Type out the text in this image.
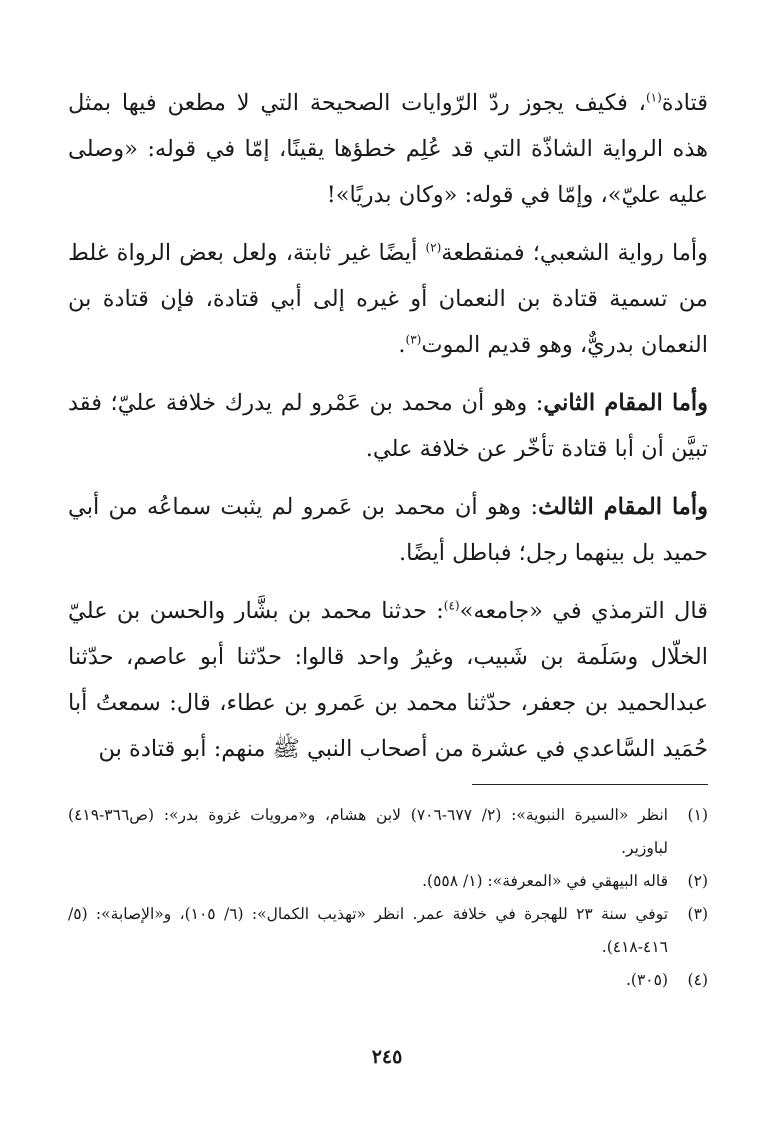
قتادة$^{(١)}$، فكيف يجوز ردّ الرّوايات الصحيحة التي لا مطعن فيها بمثل هذه الرواية الشاذّة التي قد عُلِم خطؤها يقينًا، إمّا في قوله: «وصلى عليه عليّ»، وإمّا في قوله: «وكان بدريًا»!

وأما رواية الشعبي؛ فمنقطعة$^{(٢)}$ أيضًا غير ثابتة، ولعل بعض الرواة غلط من تسمية قتادة بن النعمان أو غيره إلى أبي قتادة، فإن قتادة بن النعمان بدريٌّ، وهو قديم الموت$^{(٣)}$.

وأما المقام الثاني: وهو أن محمد بن عَمْرو لم يدرك خلافة عليّ؛ فقد تبيَّن أن أبا قتادة تأخّر عن خلافة علي.

وأما المقام الثالث: وهو أن محمد بن عَمرو لم يثبت سماعُه من أبي حميد بل بينهما رجل؛ فباطل أيضًا.

قال الترمذي في «جامعه»$^{(٤)}$: حدثنا محمد بن بشَّار والحسن بن عليّ الخلّال وسَلَمة بن شَبيب، وغيرُ واحد قالوا: حدّثنا أبو عاصم، حدّثنا عبدالحميد بن جعفر، حدّثنا محمد بن عَمرو بن عطاء، قال: سمعتُ أبا حُمَيد السَّاعدي في عشرة من أصحاب النبي ﷺ منهم: أبو قتادة بن

(١)
انظر «السيرة النبوية»: (٢/ ٦٧٧-٧٠٦) لابن هشام، و«مرويات غزوة بدر»: (ص٣٦٦-٤١٩) لباوزير.
(٢)
قاله البيهقي في «المعرفة»: (١/ ٥٥٨).
(٣)
توفي سنة ٢٣ للهجرة في خلافة عمر. انظر «تهذيب الكمال»: (٦/ ١٠٥)، و«الإصابة»: (٥/ ٤١٦-٤١٨).
(٤)
(٣٠٥).
٢٤٥
